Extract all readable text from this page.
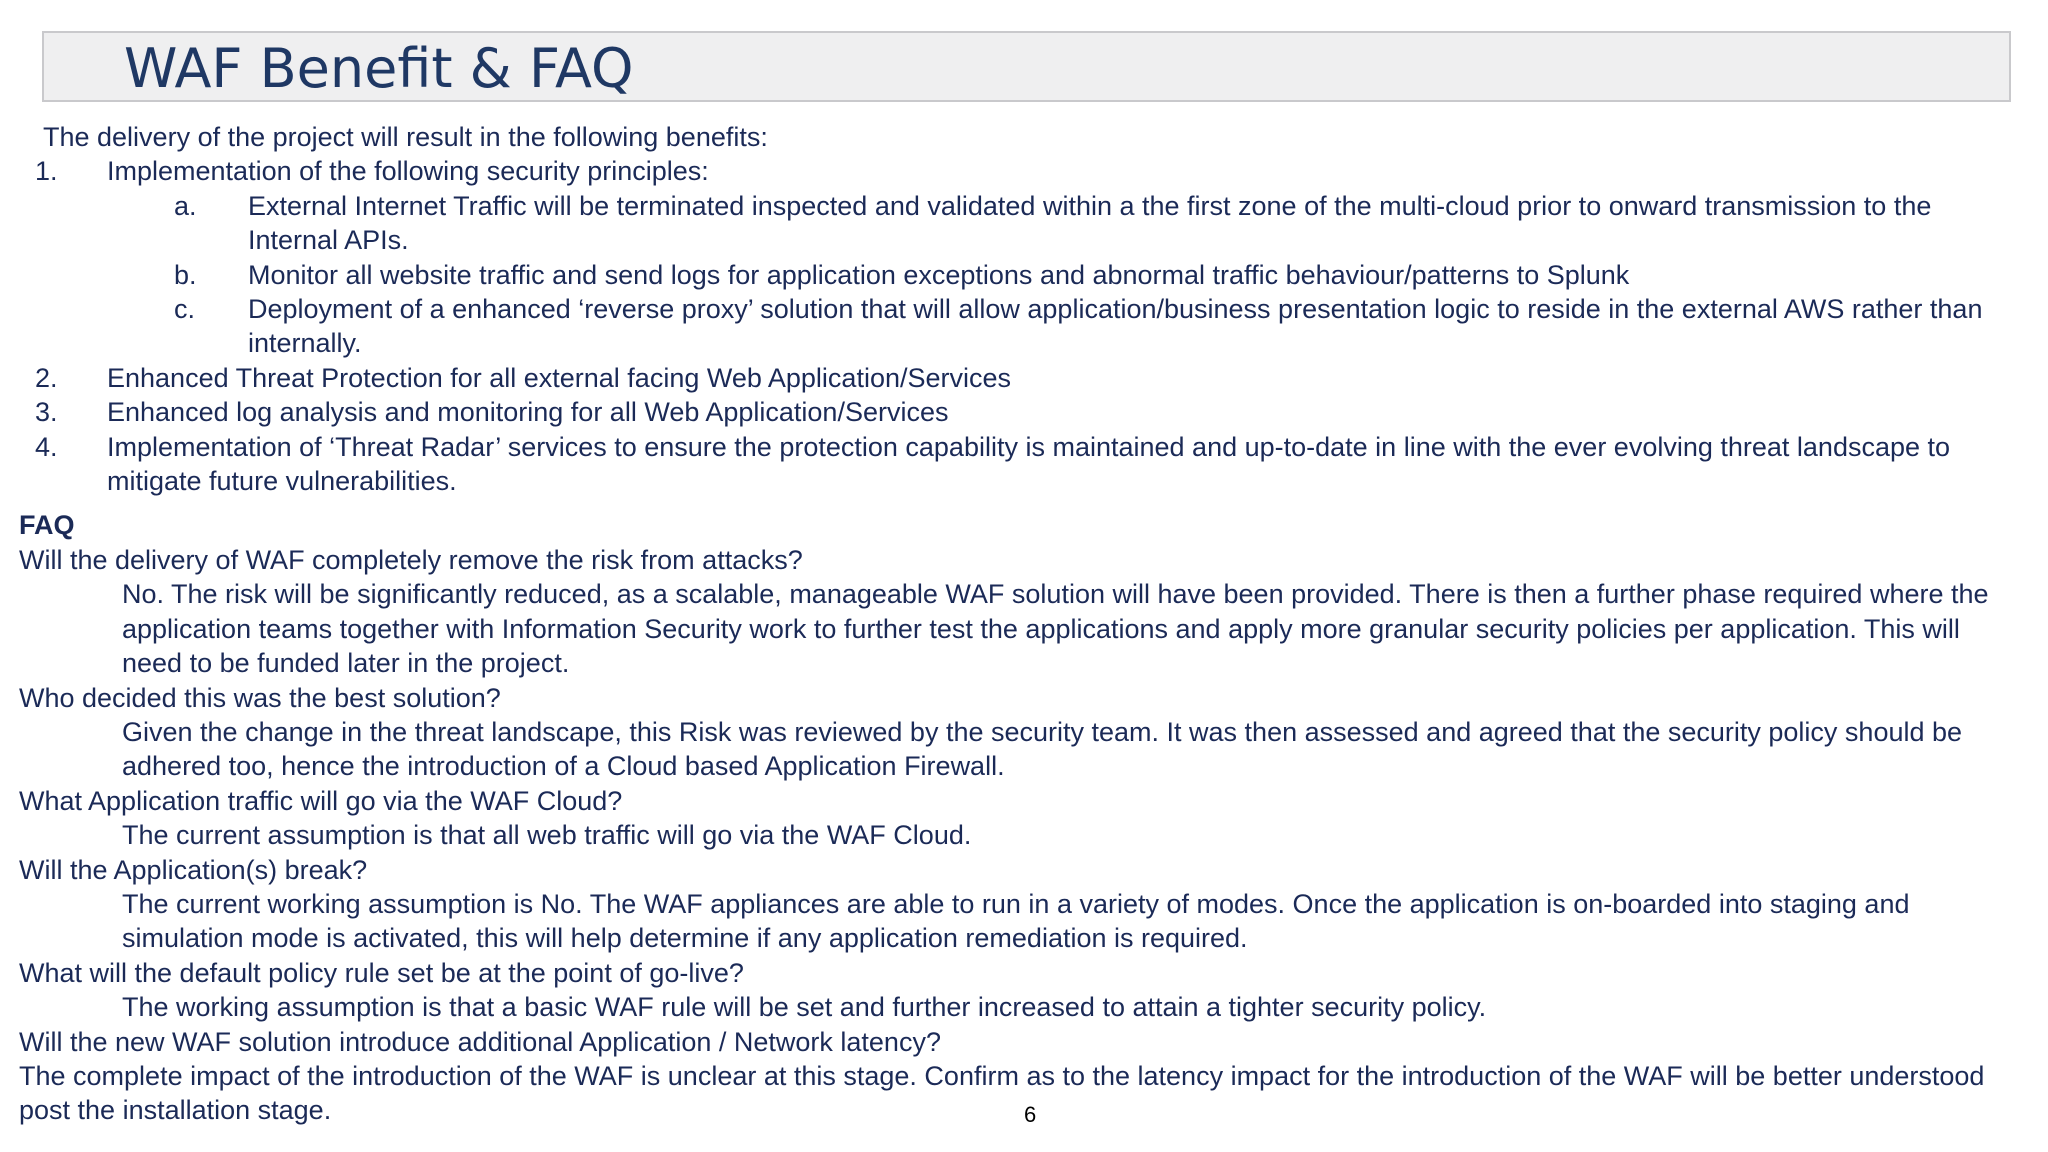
WAF Benefit & FAQ

The delivery of the project will result in the following benefits:

1. Implementation of the following security principles:

a. External Internet Traffic will be terminated inspected and validated within a the first zone of the multi-cloud prior to onward transmission to the Internal APIs.

b. Monitor all website traffic and send logs for application exceptions and abnormal traffic behaviour/patterns to Splunk

c. Deployment of a enhanced ‘reverse proxy’ solution that will allow application/business presentation logic to reside in the external AWS rather than internally.

2. Enhanced Threat Protection for all external facing Web Application/Services

3. Enhanced log analysis and monitoring for all Web Application/Services

4. Implementation of ‘Threat Radar’ services to ensure the protection capability is maintained and up-to-date in line with the ever evolving threat landscape to mitigate future vulnerabilities.

FAQ

Will the delivery of WAF completely remove the risk from attacks?

No. The risk will be significantly reduced, as a scalable, manageable WAF solution will have been provided. There is then a further phase required where the application teams together with Information Security work to further test the applications and apply more granular security policies per application. This will need to be funded later in the project.

Who decided this was the best solution?

Given the change in the threat landscape, this Risk was reviewed by the security team. It was then assessed and agreed that the security policy should be adhered too, hence the introduction of a Cloud based Application Firewall.

What Application traffic will go via the WAF Cloud?

The current assumption is that all web traffic will go via the WAF Cloud.

Will the Application(s) break?

The current working assumption is No. The WAF appliances are able to run in a variety of modes. Once the application is on-boarded into staging and simulation mode is activated, this will help determine if any application remediation is required.

What will the default policy rule set be at the point of go-live?

The working assumption is that a basic WAF rule will be set and further increased to attain a tighter security policy.

Will the new WAF solution introduce additional Application / Network latency?

The complete impact of the introduction of the WAF is unclear at this stage. Confirm as to the latency impact for the introduction of the WAF will be better understood post the installation stage.	6
